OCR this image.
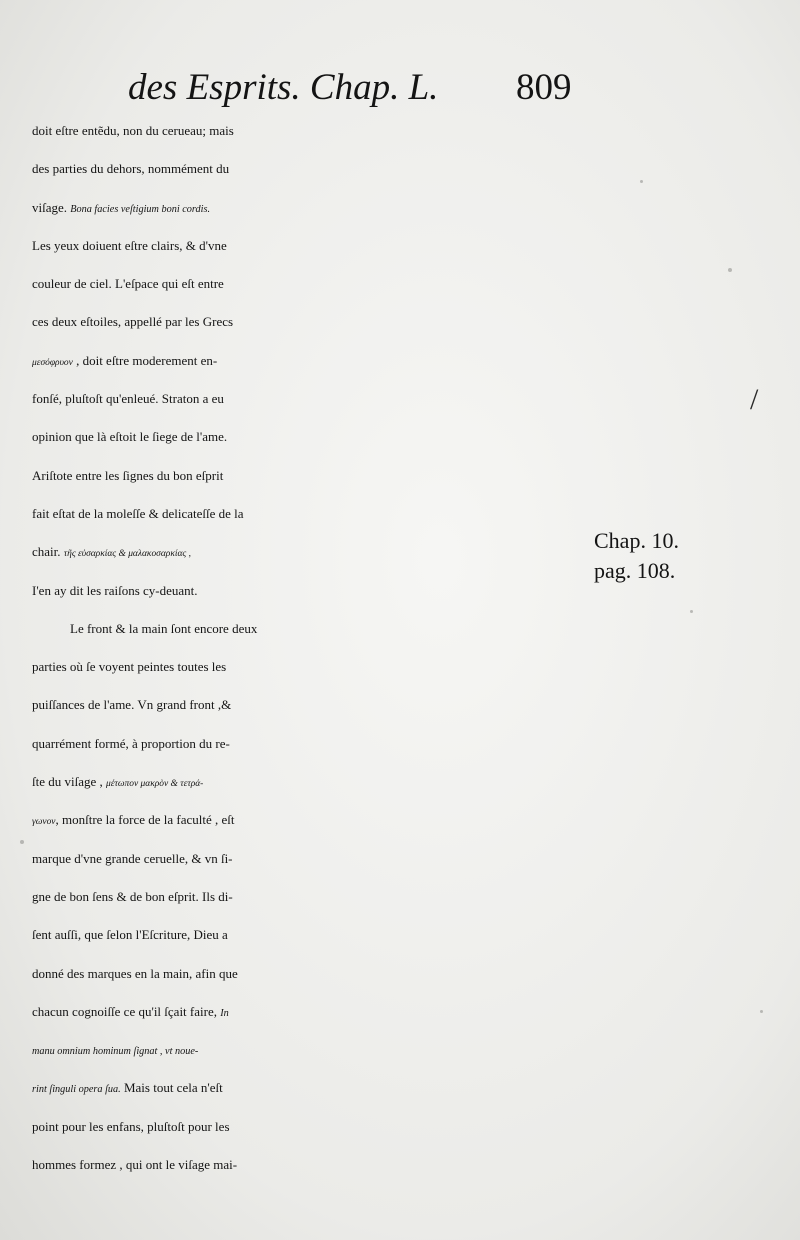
des Esprits. Chap. L. 809
doit eſtre entẽdu, non du cerueau; mais
des parties du dehors, nommément du
viſage. Bona facies veſtigium boni cordis.
Les yeux doiuent eſtre clairs, & d'vne
couleur de ciel. L'eſpace qui eſt entre
ces deux eſtoiles, appellé par les Grecs
μεσόφρυον , doit eſtre moderement en-
fonſé, pluſtoſt qu'enleué. Straton a eu
opinion que là eſtoit le ſiege de l'ame.
Ariſtote entre les ſignes du bon eſprit
fait eſtat de la moleſſe & delicateſſe de la
chair. τῆς εὐσαρκίας & μαλακοσαρκίας ,
I'en ay dit les raiſons cy-deuant.
Le front & la main ſont encore deux
parties où ſe voyent peintes toutes les
puiſſances de l'ame. Vn grand front ,&
quarrément formé, à proportion du re-
ſte du viſage , μέτωπον μακρὸν & τετρά-
γωνον, monſtre la force de la faculté , eſt
marque d'vne grande ceruelle, & vn ſi-
gne de bon ſens & de bon eſprit. Ils di-
ſent auſſi, que ſelon l'Eſcriture, Dieu a
donné des marques en la main, afin que
chacun cognoiſſe ce qu'il ſçait faire, In
manu omnium hominum ſignat , vt noue-
rint ſinguli opera ſua. Mais tout cela n'eſt
point pour les enfans, pluſtoſt pour les
hommes formez , qui ont le viſage mai-
Chap. 10.
pag. 108.
/
